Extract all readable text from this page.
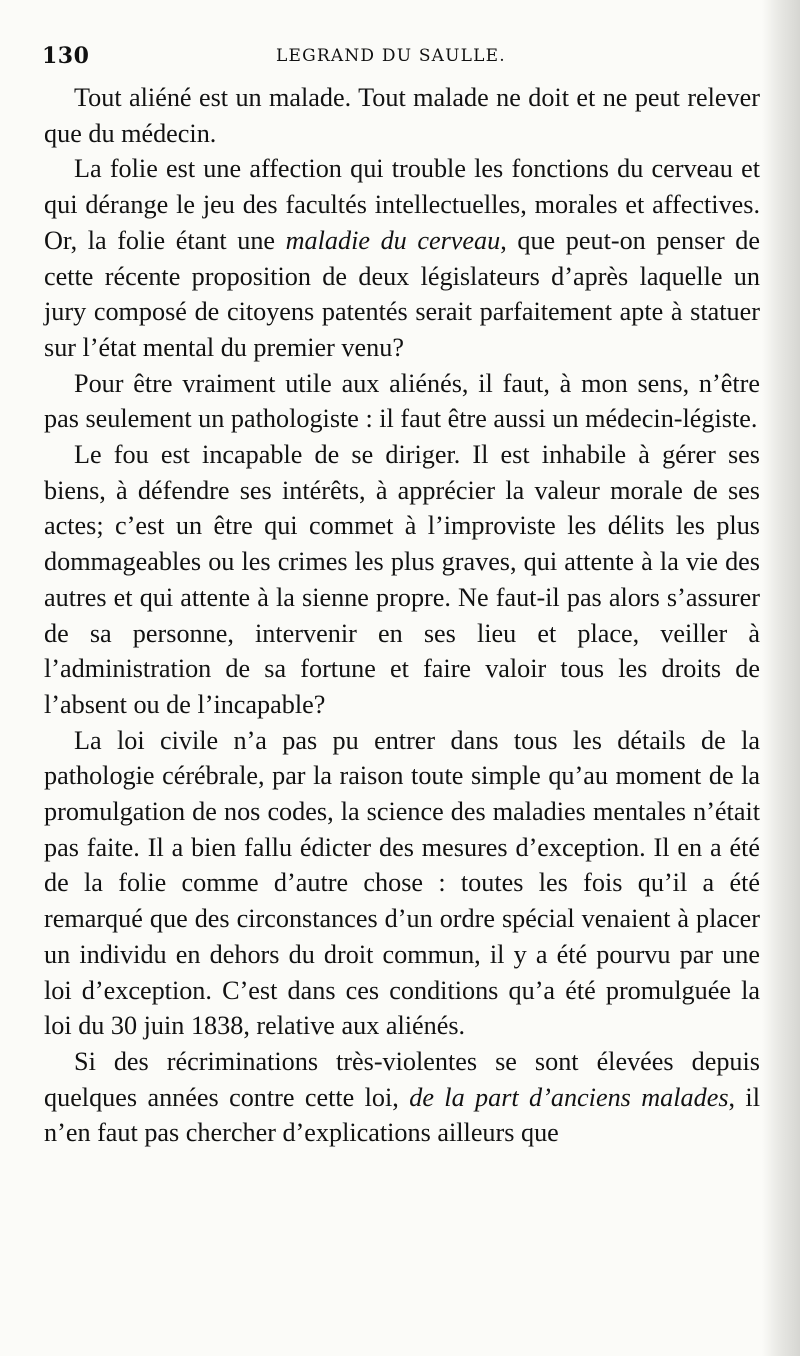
130	LEGRAND DU SAULLE.

Tout aliéné est un malade. Tout malade ne doit et ne peut relever que du médecin.

La folie est une affection qui trouble les fonctions du cerveau et qui dérange le jeu des facultés intellectuelles, morales et affectives. Or, la folie étant une maladie du cerveau, que peut-on penser de cette récente proposition de deux législateurs d’après laquelle un jury composé de citoyens patentés serait parfaitement apte à statuer sur l’état mental du premier venu?

Pour être vraiment utile aux aliénés, il faut, à mon sens, n’être pas seulement un pathologiste : il faut être aussi un médecin-légiste.

Le fou est incapable de se diriger. Il est inhabile à gérer ses biens, à défendre ses intérêts, à apprécier la valeur morale de ses actes; c’est un être qui commet à l’improviste les délits les plus dommageables ou les crimes les plus graves, qui attente à la vie des autres et qui attente à la sienne propre. Ne faut-il pas alors s’assurer de sa personne, intervenir en ses lieu et place, veiller à l’administration de sa fortune et faire valoir tous les droits de l’absent ou de l’incapable?

La loi civile n’a pas pu entrer dans tous les détails de la pathologie cérébrale, par la raison toute simple qu’au moment de la promulgation de nos codes, la science des maladies mentales n’était pas faite. Il a bien fallu édicter des mesures d’exception. Il en a été de la folie comme d’autre chose : toutes les fois qu’il a été remarqué que des circonstances d’un ordre spécial venaient à placer un individu en dehors du droit commun, il y a été pourvu par une loi d’exception. C’est dans ces conditions qu’a été promulguée la loi du 30 juin 1838, relative aux aliénés.

Si des récriminations très-violentes se sont élevées depuis quelques années contre cette loi, de la part d’anciens malades, il n’en faut pas chercher d’explications ailleurs que
